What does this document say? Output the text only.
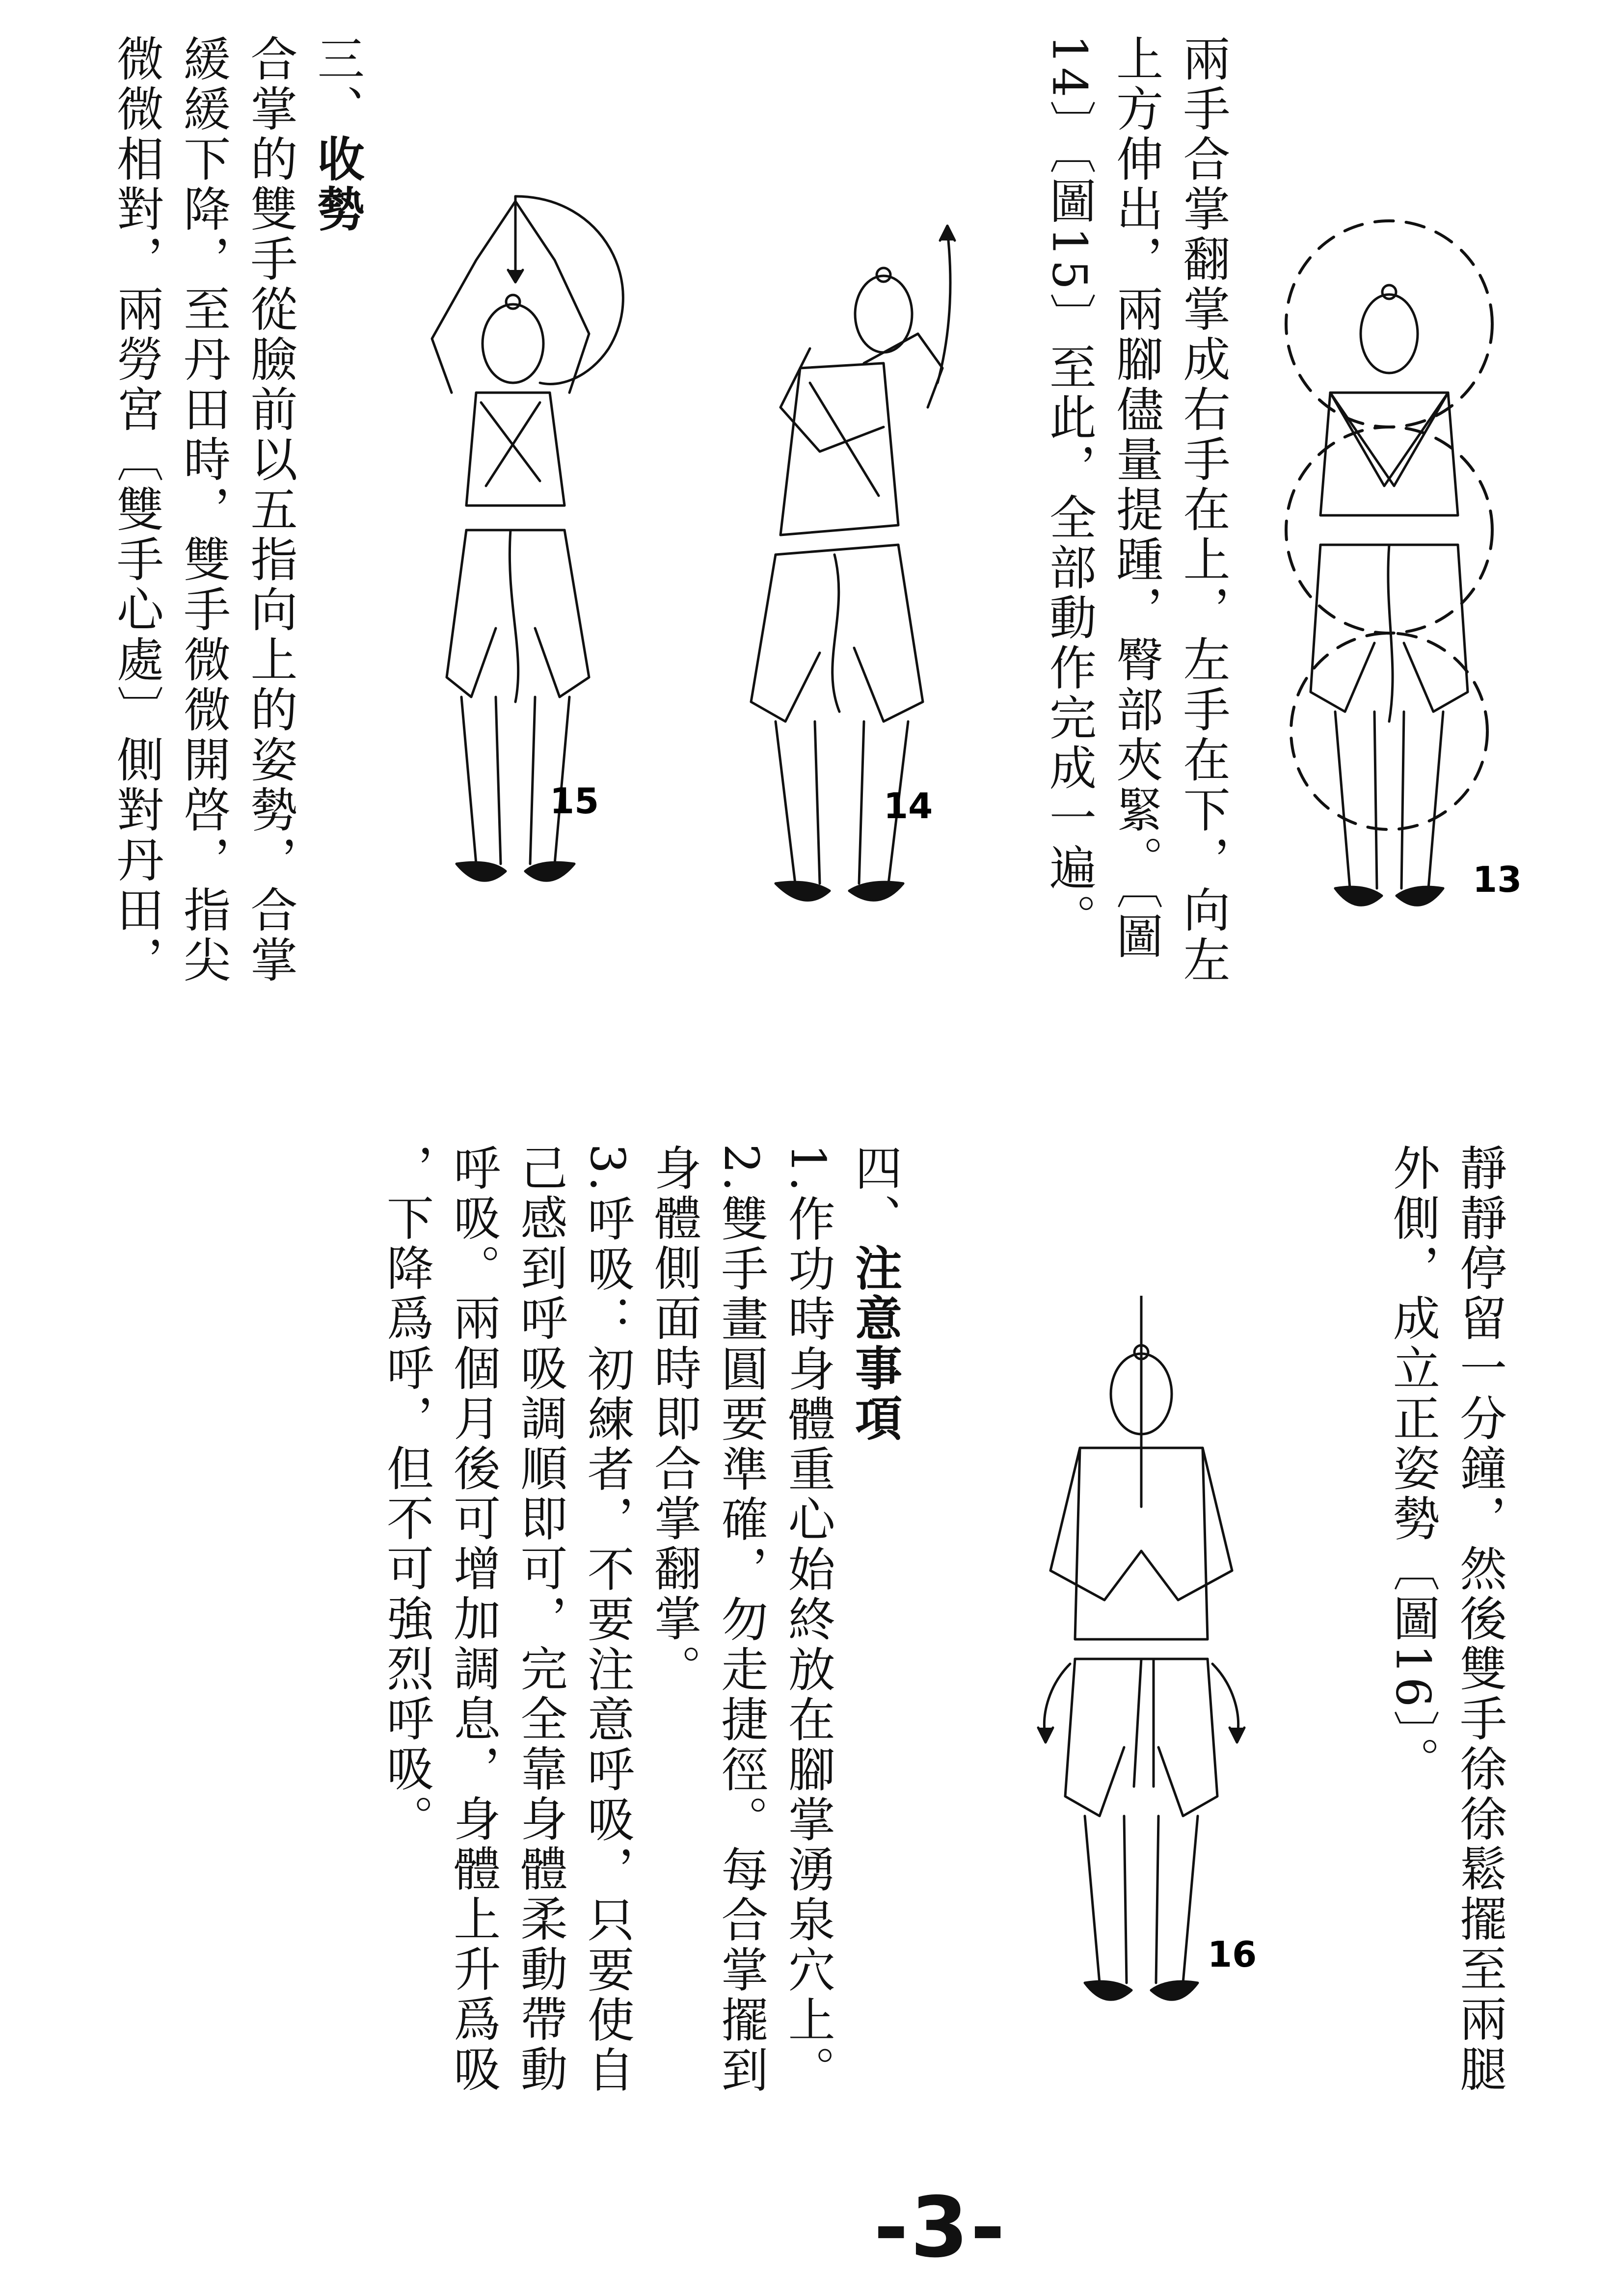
三、收勢
合掌的雙手從臉前以五指向上的姿勢，合掌
緩緩下降，至丹田時，雙手微微開啓，指尖
微微相對，兩勞宮〔雙手心處〕側對丹田，	兩手合掌翻掌成右手在上，左手在下，向左
上方伸出，兩腳儘量提踵，臀部夾緊。〔圖
14〕〔圖15〕至此，全部動作完成一遍。
靜靜停留一分鐘，然後雙手徐徐鬆擺至兩腿
外側，成立正姿勢〔圖16〕。
四、注意事項
1.作功時身體重心始終放在腳掌湧泉穴上。
2.雙手畫圓要準確，勿走捷徑。每合掌擺到
身體側面時即合掌翻掌。
3.呼吸：初練者，不要注意呼吸，只要使自
己感到呼吸調順即可，完全靠身體柔動帶動
呼吸。兩個月後可增加調息，身體上升爲吸
，下降爲呼，但不可強烈呼吸。
15	14
13
16
-3-
